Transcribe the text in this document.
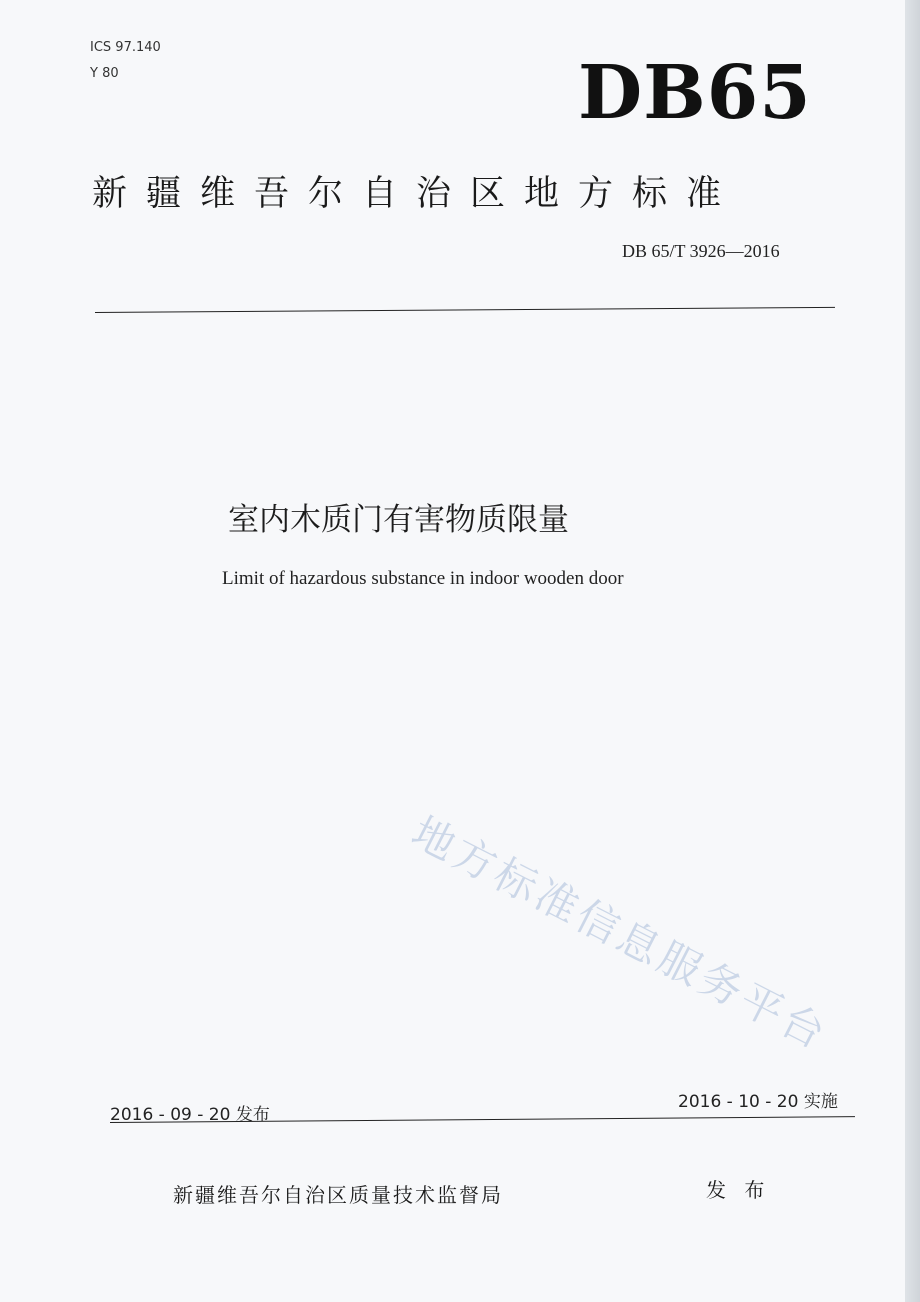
ICS 97.140
Y 80	DB65
新疆维吾尔自治区地方标准
DB 65/T 3926—2016
室内木质门有害物质限量
Limit of hazardous substance in indoor wooden door
地方标准信息服务平台
2016 - 09 - 20 发布
2016 - 10 - 20 实施
新疆维吾尔自治区质量技术监督局	发 布
